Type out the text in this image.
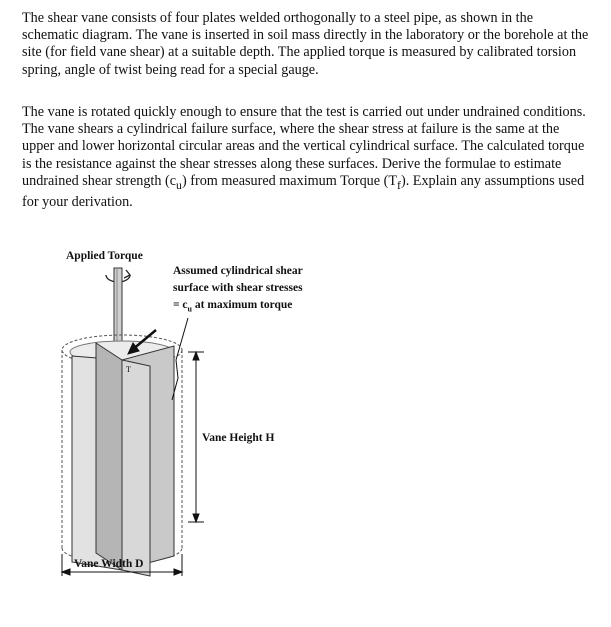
The shear vane consists of four plates welded orthogonally to a steel pipe, as shown in the schematic diagram. The vane is inserted in soil mass directly in the laboratory or the borehole at the site (for field vane shear) at a suitable depth. The applied torque is measured by calibrated torsion spring, angle of twist being read for a special gauge.

The vane is rotated quickly enough to ensure that the test is carried out under undrained conditions. The vane shears a cylindrical failure surface, where the shear stress at failure is the same at the upper and lower horizontal circular areas and the vertical cylindrical surface. The calculated torque is the resistance against the shear stresses along these surfaces. Derive the formulae to estimate undrained shear strength $(c_u)$ from measured maximum Torque $(T_f)$. Explain any assumptions used for your derivation.

T
Applied Torque
Assumed cylindrical shear
surface with shear stresses
= $c_u$ at maximum torque
Vane Height H
Vane Width D
